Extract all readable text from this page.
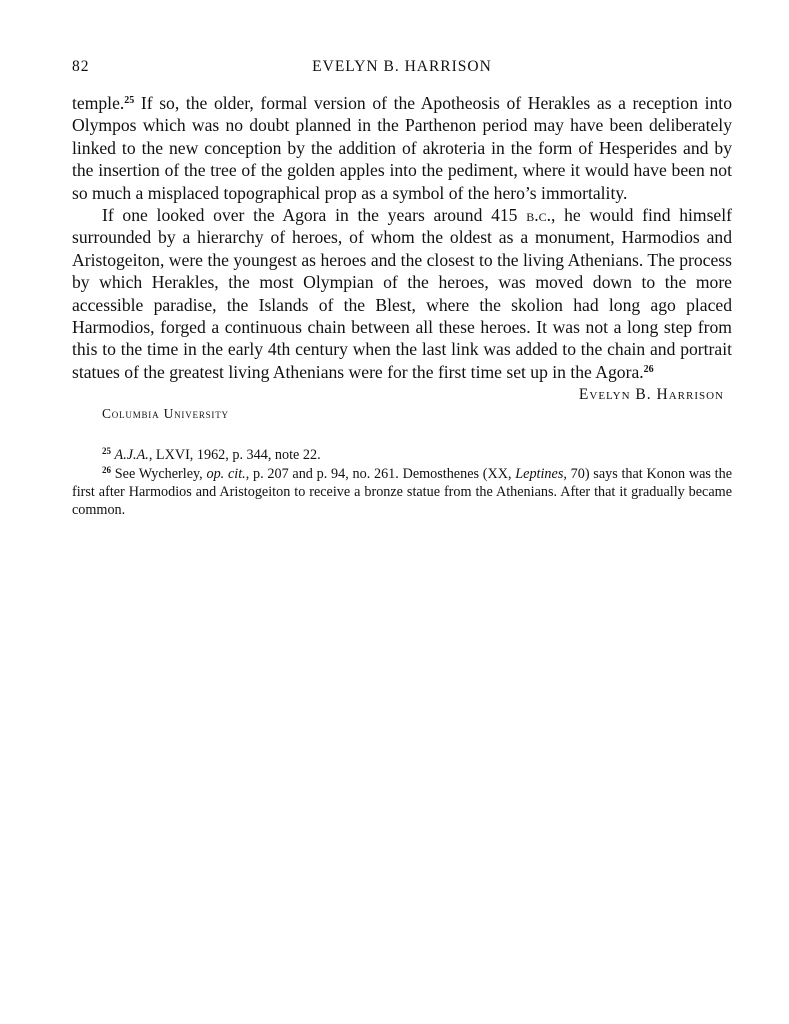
82	EVELYN B. HARRISON

temple.$^{25}$ If so, the older, formal version of the Apotheosis of Herakles as a reception into Olympos which was no doubt planned in the Parthenon period may have been deliberately linked to the new conception by the addition of akroteria in the form of Hesperides and by the insertion of the tree of the golden apples into the pediment, where it would have been not so much a misplaced topographical prop as a symbol of the hero’s immortality.

If one looked over the Agora in the years around 415 b.c., he would find himself surrounded by a hierarchy of heroes, of whom the oldest as a monument, Harmodios and Aristogeiton, were the youngest as heroes and the closest to the living Athenians. The process by which Herakles, the most Olympian of the heroes, was moved down to the more accessible paradise, the Islands of the Blest, where the skolion had long ago placed Harmodios, forged a continuous chain between all these heroes. It was not a long step from this to the time in the early 4th century when the last link was added to the chain and portrait statues of the greatest living Athenians were for the first time set up in the Agora.$^{26}$

Evelyn B. Harrison
Columbia University

$^{25}$ A.J.A., LXVI, 1962, p. 344, note 22.

$^{26}$ See Wycherley, op. cit., p. 207 and p. 94, no. 261. Demosthenes (XX, Leptines, 70) says that Konon was the first after Harmodios and Aristogeiton to receive a bronze statue from the Athenians. After that it gradually became common.
